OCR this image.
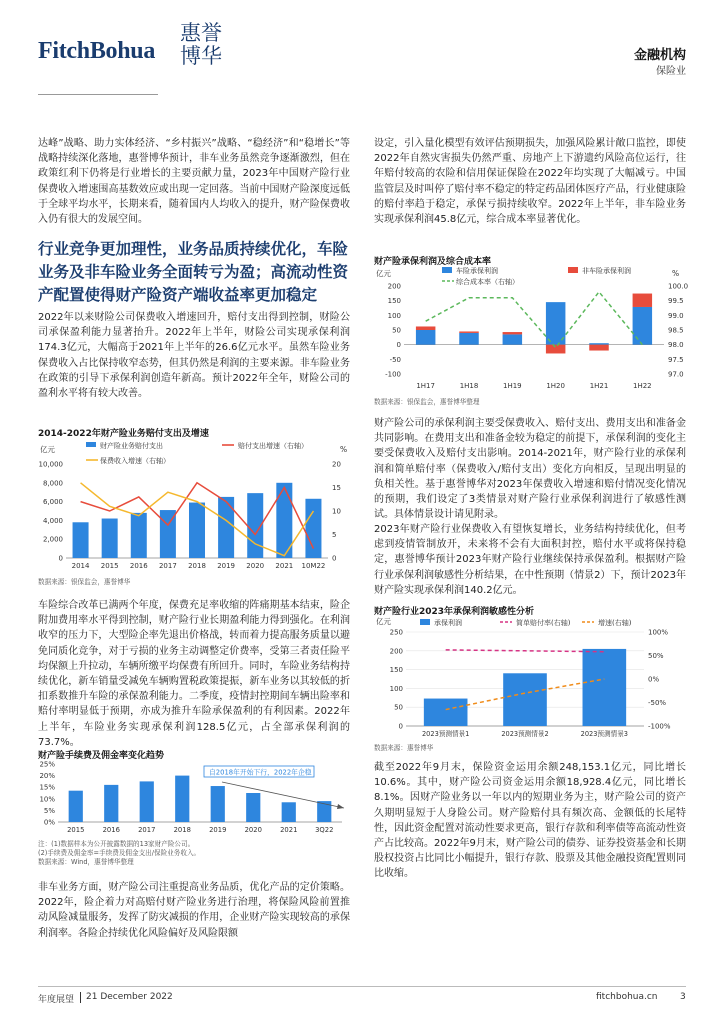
FitchBohua
惠誉博华	金融机构
保险业
达峰”战略、助力实体经济、“乡村振兴”战略、“稳经济”和“稳增长”等战略持续深化落地，惠誉博华预计，非车业务虽然竞争逐渐激烈，但在政策红利下仍将是行业增长的主要贡献力量，2023年中国财产险行业保费收入增速围高基数效应或出现一定回落。当前中国财产险深度远低于全球平均水平，长期来看，随着国内人均收入的提升，财产险保费收入仍有很大的发展空间。
行业竞争更加理性，业务品质持续优化，车险业务及非车险业务全面转亏为盈；高流动性资产配置使得财产险资产端收益率更加稳定
2022年以来财险公司保费收入增速回升，赔付支出得到控制，财险公司承保盈利能力显著抬升。2022年上半年，财险公司实现承保利润174.3亿元，大幅高于2021年上半年的26.6亿元水平。虽然车险业务保费收入占比保持收窄态势，但其仍然是利润的主要来源。非车险业务在政策的引导下承保利润创造年新高。预计2022年全年，财险公司的盈利水平将有较大改善。
2014-2022年财产险业务赔付支出及增速
亿元	%
财产险业务赔付支出	赔付支出增速（右轴）
保费收入增速（右轴）
0
2,000
4,000
6,000
8,000
10,000
0
5
10
15
20
2014 2015 2016 2017 2018 2019 2020 2021 10M22
数据来源：银保监会，惠誉博华
车险综合改革已满两个年度，保费充足率收缩的阵痛期基本结束，险企附加费用率水平得到控制，财产险行业长期盈利能力得到强化。在利润收窄的压力下，大型险企率先退出价格战，转而着力提高服务质量以避免同质化竞争，对于亏损的业务主动调整定价费率，受第三者责任险平均保额上升拉动，车辆所缴平均保费有所回升。同时，车险业务结构持续优化，新车销量受减免车辆购置税政策提振，新车业务以其较低的折扣系数推升车险的承保盈利能力。二季度，疫情封控期间车辆出险率和赔付率明显低于预期，亦成为推升车险承保盈利的有利因素。2022年上半年，车险业务实现承保利润128.5亿元，占全部承保利润的73.7%。
财产险手续费及佣金率变化趋势
0%
5%
10%
15%
20%
25%
2015	2016	2017	2018	2019	2020	2021	3Q22
自2018年开始下行，2022年企稳
注：(1)数据样本为公开披露数据的13家财产险公司。
(2)手续费及佣金率=手续费及佣金支出/保险业务收入。
数据来源：Wind，惠誉博华整理
非车业务方面，财产险公司注重提高业务品质，优化产品的定价策略。2022年，险企着力对高赔付财产险业务进行治理，将保险风险前置推动风险减量服务，发挥了防灾减损的作用，企业财产险实现较高的承保利润率。各险企持续优化风险偏好及风险限额
设定，引入量化模型有效评估预期损失，加强风险累计敞口监控，即使2022年自然灾害损失仍然严重、房地产上下游遗约风险高位运行，往年赔付较高的农险和信用保证保险在2022年均实现了大幅减亏。中国监管层及时叫停了赔付率不稳定的特定药品团体医疗产品，行业健康险的赔付率趋于稳定，承保亏损持续收窄。2022年上半年，非车险业务实现承保利润45.8亿元，综合成本率显著优化。
财产险承保利润及综合成本率
亿元	%
车险承保利润	非车险承保利润
综合成本率（右轴）
-100
-50
0
50
100
150
200
97.0
97.5
98.0
98.5
99.0
99.5
100.0
1H17	1H18	1H19	1H20	1H21	1H22
数据来源：银保监会，惠誉博华整理
财产险公司的承保利润主要受保费收入、赔付支出、费用支出和准备金共同影响。在费用支出和准备金较为稳定的前提下，承保利润的变化主要受保费收入及赔付支出影响。2014-2021年，财产险行业的承保利润和简单赔付率（保费收入/赔付支出）变化方向相反，呈现出明显的负相关性。基于惠誉博华对2023年保费收入增速和赔付情况变化情况的预期，我们设定了3类情景对财产险行业承保利润进行了敏感性测试。具体情景设计请见附录。
2023年财产险行业保费收入有望恢复增长，业务结构持续优化，但考虑到疫情管制放开，未来将不会有大面积封控，赔付水平或将保持稳定，惠誉博华预计2023年财产险行业继续保持承保盈利。根据财产险行业承保利润敏感性分析结果，在中性预期（情景2）下，预计2023年财产险实现承保利润140.2亿元。
财产险行业2023年承保利润敏感性分析
亿元	承保利润	简单赔付率(右轴)	增速(右轴)
0
50
100
150
200
250
-100%
-50%
0%
50%
100%
2023预测情景1	2023预测情景2	2023预测情景3
数据来源：惠誉博华
截至2022年9月末，保险资金运用余额248,153.1亿元，同比增长10.6%。其中，财产险公司资金运用余额18,928.4亿元，同比增长8.1%。因财产险业务以一年以内的短期业务为主，财产险公司的资产久期明显短于人身险公司。财产险赔付具有频次高、金额低的长尾特性，因此资金配置对流动性要求更高，银行存款和利率债等高流动性资产占比较高。2022年9月末，财产险公司的债券、证券投资基金和长期股权投资占比同比小幅提升，银行存款、股票及其他金融投资配置则同比收缩。
年度展望 21 December 2022	fitchbohua.cn 3
